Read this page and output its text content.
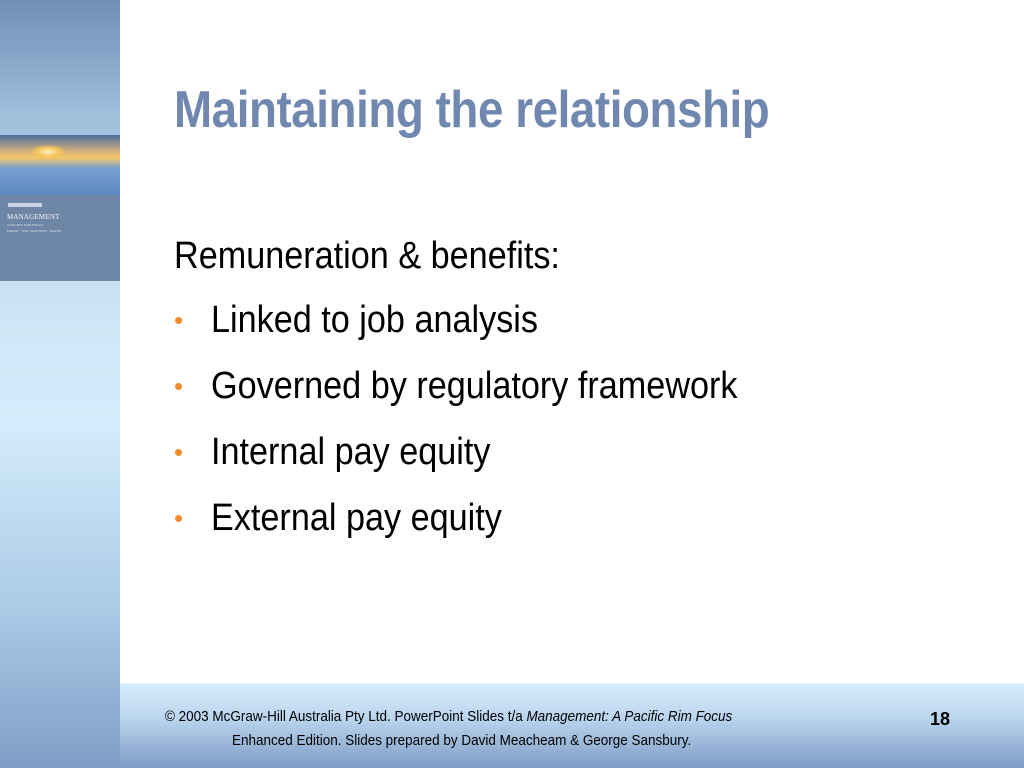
MANAGEMENT
A PACIFIC RIM FOCUS
BARTOL · TEIN · MATTHEWS · MARTIN
Maintaining the relationship
Remuneration & benefits:
• Linked to job analysis
• Governed by regulatory framework
• Internal pay equity
• External pay equity
© 2003 McGraw-Hill Australia Pty Ltd. PowerPoint Slides t/a Management: A Pacific Rim Focus
Enhanced Edition. Slides prepared by David Meacheam & George Sansbury.
18
